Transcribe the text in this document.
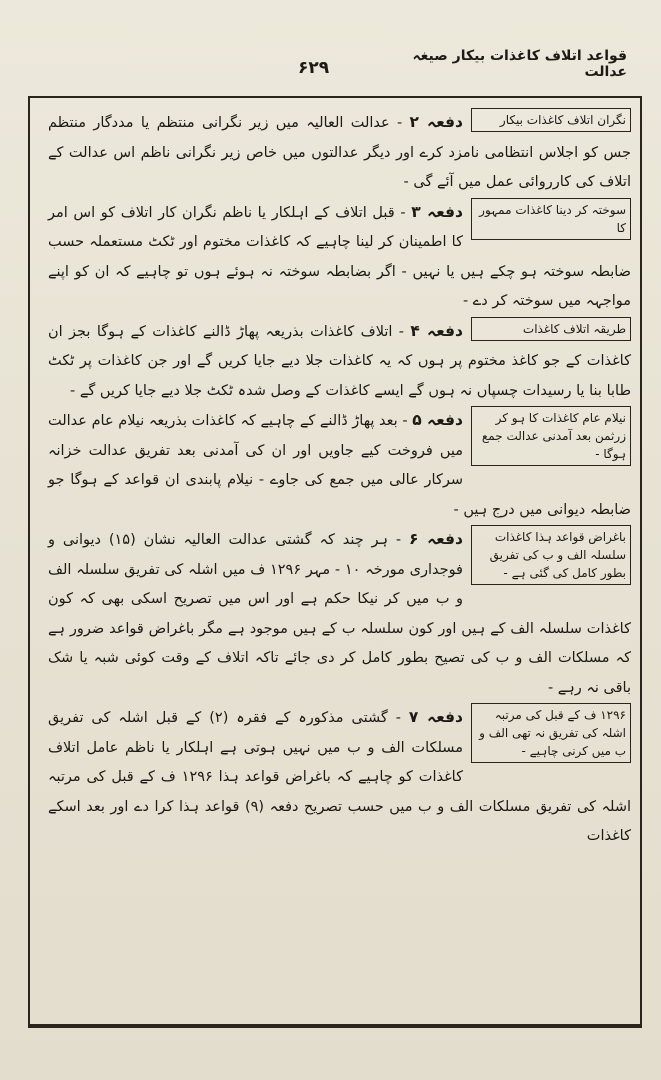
قواعد اتلاف کاغذات بیکار صیغہ عدالت
۶۲۹
نگران اتلاف کاغذات بیکار
دفعہ ۲ - عدالت العالیہ میں زیر نگرانی منتظم یا مددگار منتظم جس کو اجلاس انتظامی نامزد کرے اور دیگر عدالتوں میں خاص زیر نگرانی ناظم اس عدالت کے اتلاف کی کارروائی عمل میں آئے گی -
سوختہ کر دینا کاغذات ممہور کا
دفعہ ۳ - قبل اتلاف کے اہلکار یا ناظم نگران کار اتلاف کو اس امر کا اطمینان کر لینا چاہیے کہ کاغذات مختوم اور ٹکٹ مستعملہ حسب ضابطہ سوختہ ہو چکے ہیں یا نہیں - اگر بضابطہ سوختہ نہ ہوئے ہوں تو چاہیے کہ ان کو اپنے مواجہہ میں سوختہ کر دے -
طریقہ اتلاف کاغذات
دفعہ ۴ - اتلاف کاغذات بذریعہ پھاڑ ڈالنے کاغذات کے ہوگا بجز ان کاغذات کے جو کاغذ مختوم پر ہوں کہ یہ کاغذات جلا دیے جایا کریں گے اور جن کاغذات پر ٹکٹ طابا بنا یا رسیدات چسپاں نہ ہوں گے ایسے کاغذات کے وصل شدہ ٹکٹ جلا دیے جایا کریں گے -
نیلام عام کاغذات کا ہو کر زرثمن بعد آمدنی عدالت جمع ہوگا -
دفعہ ۵ - بعد پھاڑ ڈالنے کے چاہیے کہ کاغذات بذریعہ نیلام عام عدالت میں فروخت کیے جاویں اور ان کی آمدنی بعد تفریق عدالت خزانہ سرکار عالی میں جمع کی جاوے - نیلام پابندی ان قواعد کے ہوگا جو ضابطہ دیوانی میں درج ہیں -
باغراض قواعد ہذا کاغذات سلسلہ الف و ب کی تفریق بطور کامل کی گئی ہے -
دفعہ ۶ - ہر چند کہ گشتی عدالت العالیہ نشان (۱۵) دیوانی و فوجداری مورخہ ۱۰ - مہر ۱۲۹۶ ف میں اشلہ کی تفریق سلسلہ الف و ب میں کر نیکا حکم ہے اور اس میں تصریح اسکی بھی کہ کون کاغذات سلسلہ الف کے ہیں اور کون سلسلہ ب کے ہیں موجود ہے مگر باغراض قواعد ضرور ہے کہ مسلکات الف و ب کی تصیح بطور کامل کر دی جائے تاکہ اتلاف کے وقت کوئی شبہ یا شک باقی نہ رہے -
۱۲۹۶ ف کے قبل کی مرتبہ اشلہ کی تفریق نہ تھی الف و ب میں کرنی چاہیے -
دفعہ ۷ - گشتی مذکورہ کے فقرہ (۲) کے قبل اشلہ کی تفریق مسلکات الف و ب میں نہیں ہوتی ہے اہلکار یا ناظم عامل اتلاف کاغذات کو چاہیے کہ باغراض قواعد ہذا ۱۲۹۶ ف کے قبل کی مرتبہ اشلہ کی تفریق مسلکات الف و ب میں حسب تصریح دفعہ (۹) قواعد ہذا کرا دے اور بعد اسکے کاغذات
